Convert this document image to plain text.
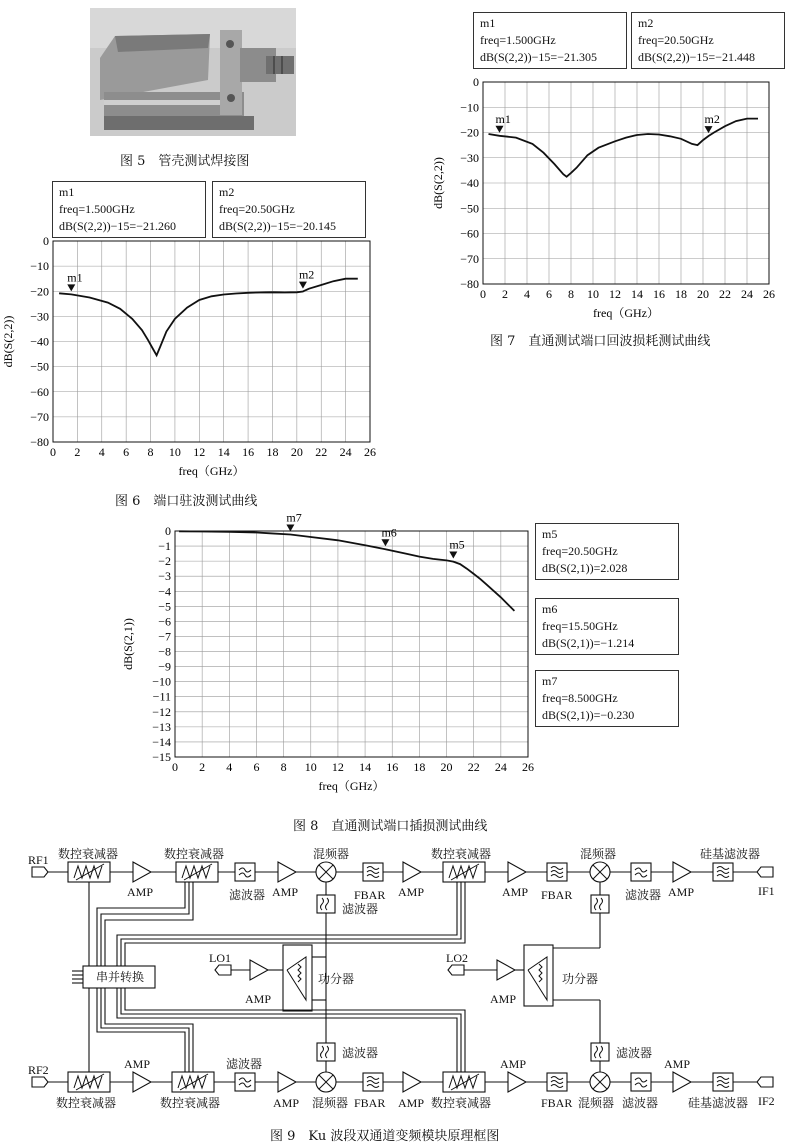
图 5　管壳测试焊接图
m1
freq=1.500GHz
dB(S(2,2))−15=−21.305
m2
freq=20.50GHz
dB(S(2,2))−15=−21.448
0 2 4 6 8 10 12 14 16 18 20 22 24 26
0
−10
−20
−30
−40
−50
−60
−70
−80
freq（GHz）
dB(S(2,2))
m1	m2
图 7　直通测试端口回波损耗测试曲线
m1
freq=1.500GHz
dB(S(2,2))−15=−21.260
m2
freq=20.50GHz
dB(S(2,2))−15=−20.145
0 2 4 6 8 10 12 14 16 18 20 22 24 26
0
−10
−20
−30
−40
−50
−60
−70
−80
freq（GHz）
dB(S(2,2))
m1	m2
图 6　端口驻波测试曲线
m5
freq=20.50GHz
dB(S(2,1))=2.028
m6
freq=15.50GHz
dB(S(2,1))=−1.214
m7
freq=8.500GHz
dB(S(2,1))=−0.230
0 2 4 6 8 10 12 14 16 18 20 22 24 26
0
−1
−2
−3
−4
−5
−6
−7
−8
−9
−10
−11
−12
−13
−14
−15
freq（GHz）
dB(S(2,1))
m7
m6
m5
图 8　直通测试端口插损测试曲线
RF1
RF2
IF1
IF2
LO1	LO2
数控衰减器
AMP
数控衰减器
滤波器 AMP
混频器
FBAR
滤波器
AMP
数控衰减器
AMP FBAR
混频器
滤波器 AMP
硅基滤波器
串并转换
AMP
功分器
AMP
功分器
滤波器	滤波器
AMP	滤波器	AMP	AMP
数控衰减器	数控衰减器	AMP 混频器 FBAR AMP 数控衰减器	FBAR 混频器 滤波器 硅基滤波器
图 9　Ku 波段双通道变频模块原理框图
